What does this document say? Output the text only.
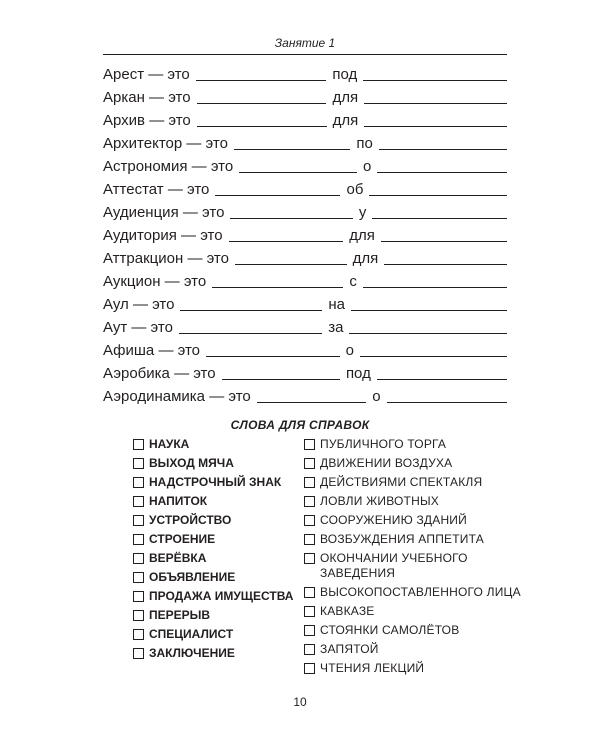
Занятие 1
Арест — это	под
Аркан — это	для
Архив — это	для
Архитектор — это	по
Астрономия — это	о
Аттестат — это	об
Аудиенция — это	у
Аудитория — это	для
Аттракцион — это	для
Аукцион — это	с
Аул — это	на
Аут — это	за
Афиша — это	о
Аэробика — это	под
Аэродинамика — это	о
СЛОВА ДЛЯ СПРАВОК
НАУКА
ВЫХОД МЯЧА
НАДСТРОЧНЫЙ ЗНАК
НАПИТОК
УСТРОЙСТВО
СТРОЕНИЕ
ВЕРЁВКА
ОБЪЯВЛЕНИЕ
ПРОДАЖА ИМУЩЕСТВА
ПЕРЕРЫВ
СПЕЦИАЛИСТ
ЗАКЛЮЧЕНИЕ
ПУБЛИЧНОГО ТОРГА
ДВИЖЕНИИ ВОЗДУХА
ДЕЙСТВИЯМИ СПЕКТАКЛЯ
ЛОВЛИ ЖИВОТНЫХ
СООРУЖЕНИЮ ЗДАНИЙ
ВОЗБУЖДЕНИЯ АППЕТИТА
ОКОНЧАНИИ УЧЕБНОГО ЗАВЕДЕНИЯ
ВЫСОКОПОСТАВЛЕННОГО ЛИЦА
КАВКАЗЕ
СТОЯНКИ САМОЛЁТОВ
ЗАПЯТОЙ
ЧТЕНИЯ ЛЕКЦИЙ
10
